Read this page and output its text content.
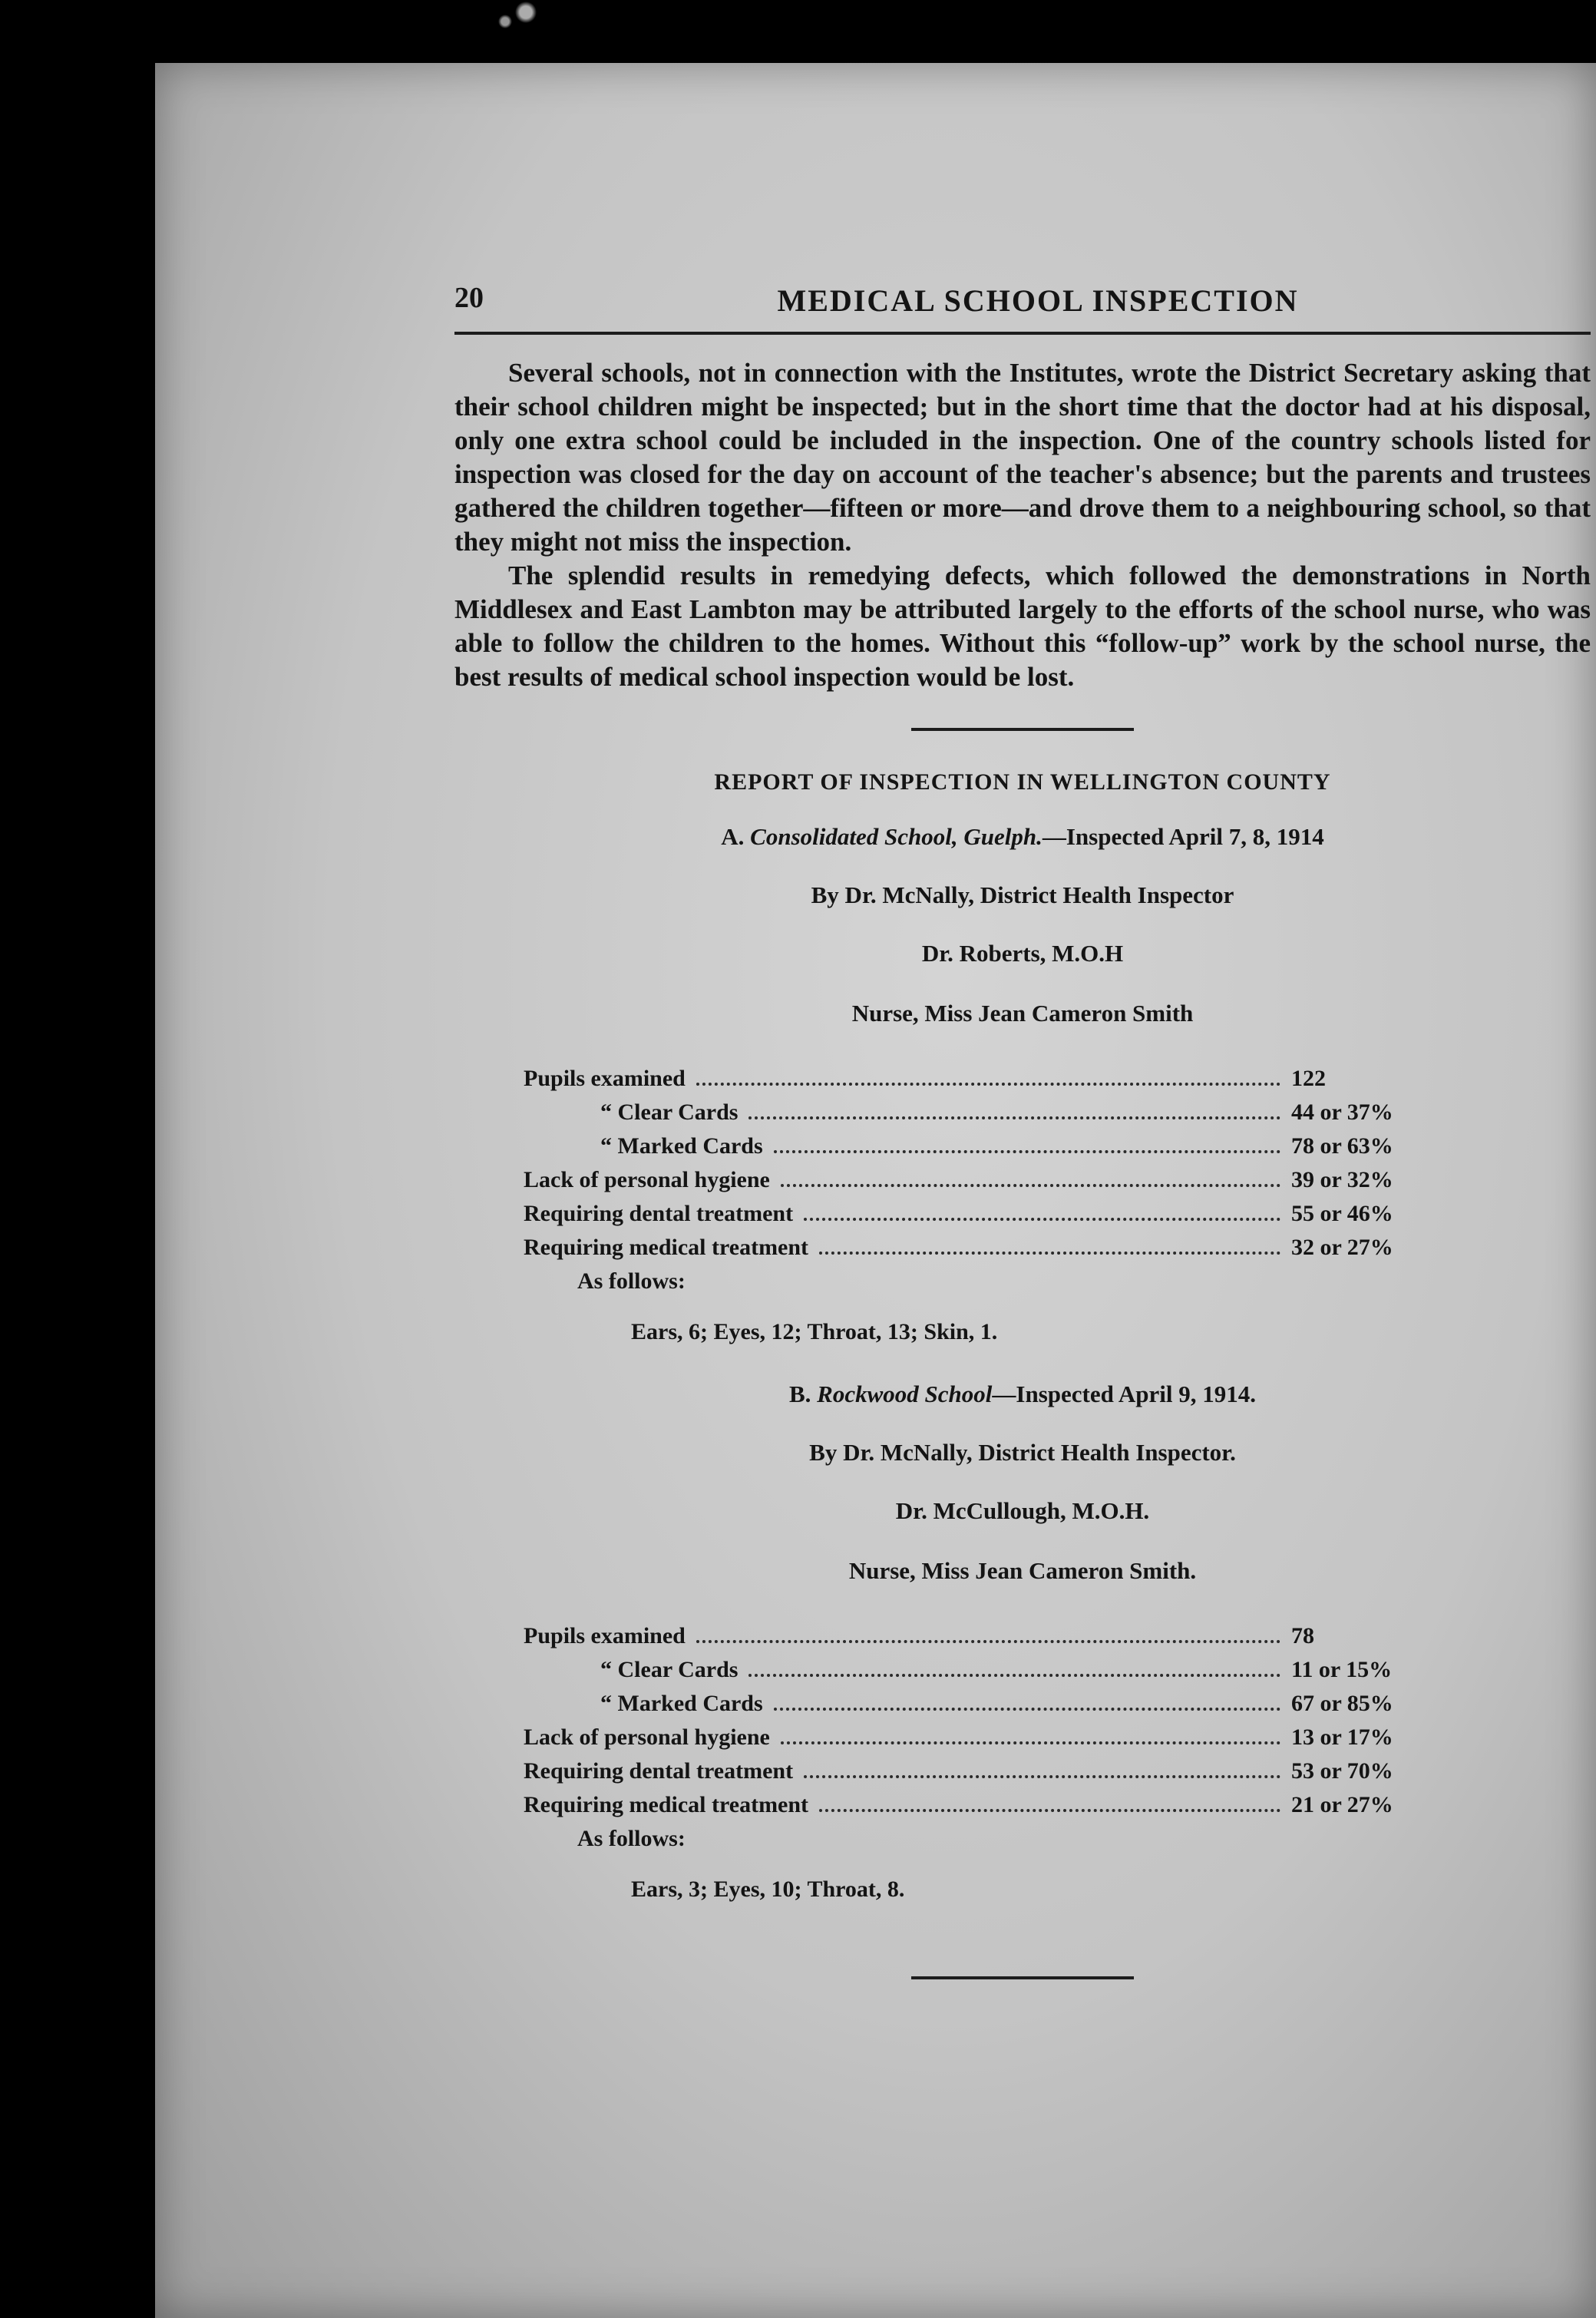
20	MEDICAL SCHOOL INSPECTION

Several schools, not in connection with the Institutes, wrote the District Secretary asking that their school children might be inspected; but in the short time that the doctor had at his disposal, only one extra school could be included in the inspection. One of the country schools listed for inspection was closed for the day on account of the teacher's absence; but the parents and trustees gathered the children together—fifteen or more—and drove them to a neighbouring school, so that they might not miss the inspection.

The splendid results in remedying defects, which followed the demonstrations in North Middlesex and East Lambton may be attributed largely to the efforts of the school nurse, who was able to follow the children to the homes. Without this “follow-up” work by the school nurse, the best results of medical school inspection would be lost.

REPORT OF INSPECTION IN WELLINGTON COUNTY
A. Consolidated School, Guelph.—Inspected April 7, 8, 1914
By Dr. McNally, District Health Inspector
Dr. Roberts, M.O.H
Nurse, Miss Jean Cameron Smith
Pupils examined	122
“ Clear Cards	44 or 37%
“ Marked Cards	78 or 63%
Lack of personal hygiene	39 or 32%
Requiring dental treatment	55 or 46%
Requiring medical treatment	32 or 27%
As follows:
Ears, 6; Eyes, 12; Throat, 13; Skin, 1.
B. Rockwood School—Inspected April 9, 1914.
By Dr. McNally, District Health Inspector.
Dr. McCullough, M.O.H.
Nurse, Miss Jean Cameron Smith.
Pupils examined	78
“ Clear Cards	11 or 15%
“ Marked Cards	67 or 85%
Lack of personal hygiene	13 or 17%
Requiring dental treatment	53 or 70%
Requiring medical treatment	21 or 27%
As follows:
Ears, 3; Eyes, 10; Throat, 8.
